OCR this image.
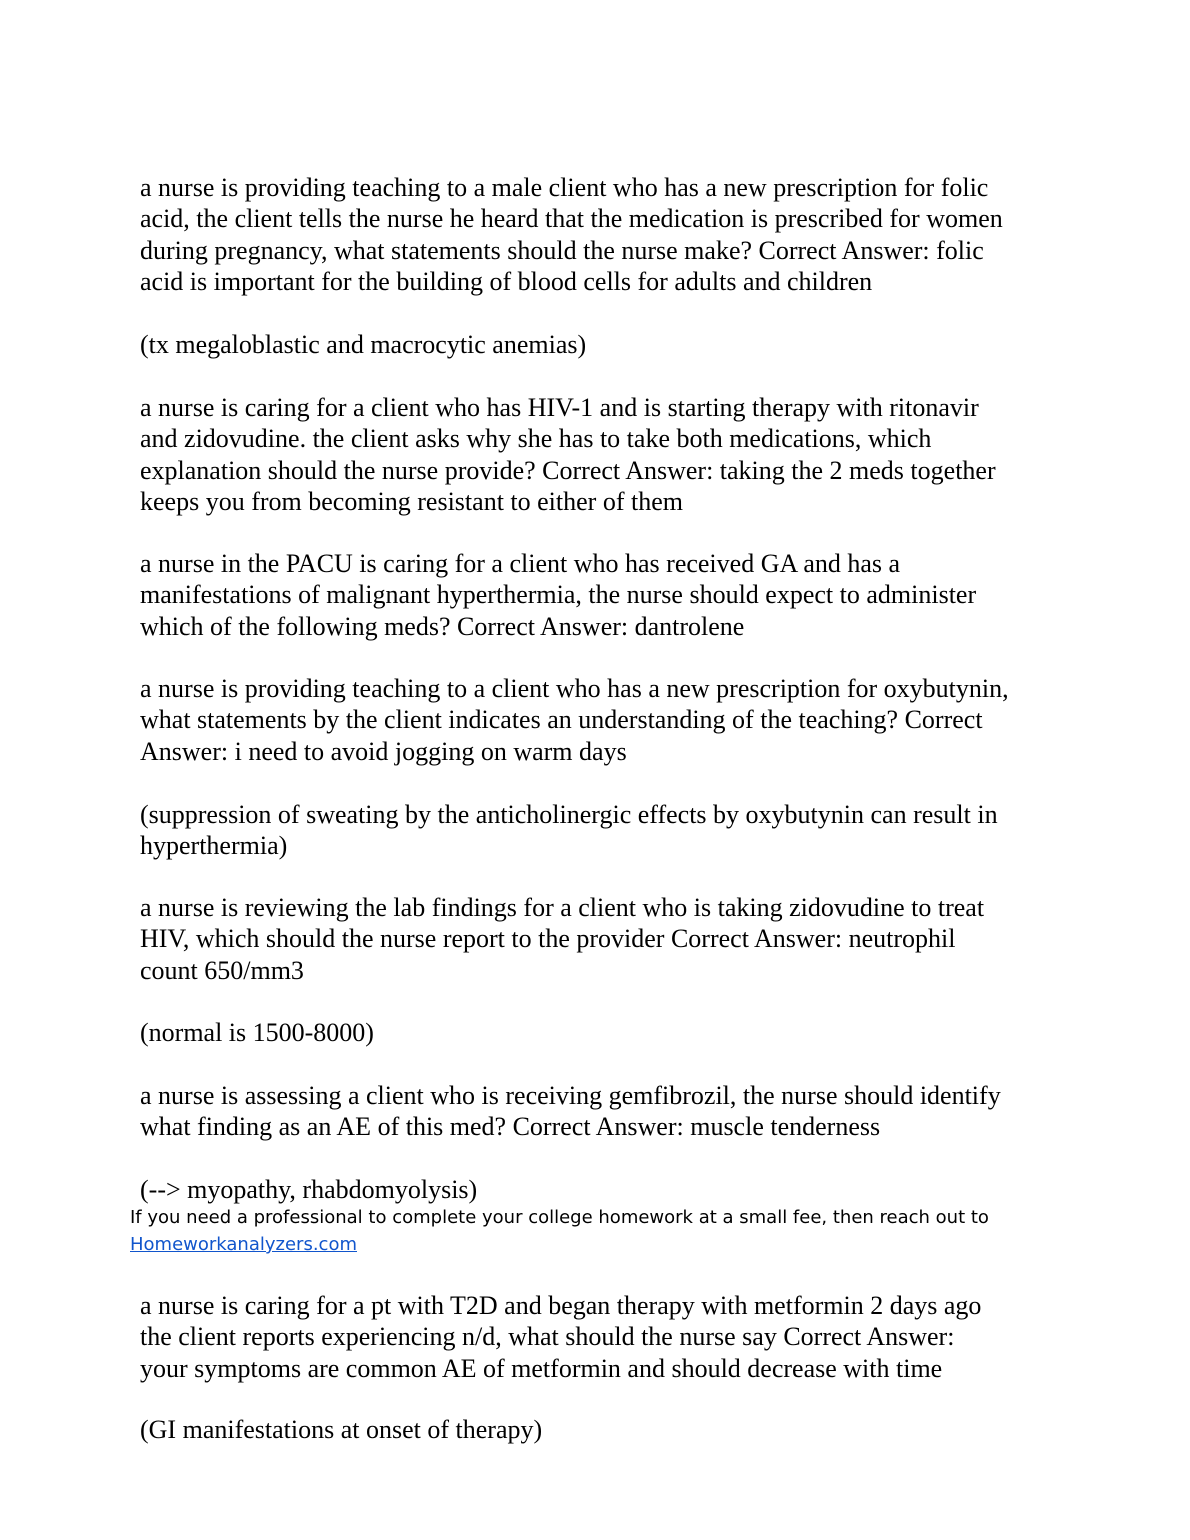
a nurse is providing teaching to a male client who has a new prescription for folic
acid, the client tells the nurse he heard that the medication is prescribed for women
during pregnancy, what statements should the nurse make? Correct Answer: folic
acid is important for the building of blood cells for adults and children

(tx megaloblastic and macrocytic anemias)

a nurse is caring for a client who has HIV-1 and is starting therapy with ritonavir
and zidovudine. the client asks why she has to take both medications, which
explanation should the nurse provide? Correct Answer: taking the 2 meds together
keeps you from becoming resistant to either of them

a nurse in the PACU is caring for a client who has received GA and has a
manifestations of malignant hyperthermia, the nurse should expect to administer
which of the following meds? Correct Answer: dantrolene

a nurse is providing teaching to a client who has a new prescription for oxybutynin,
what statements by the client indicates an understanding of the teaching? Correct
Answer: i need to avoid jogging on warm days

(suppression of sweating by the anticholinergic effects by oxybutynin can result in
hyperthermia)

a nurse is reviewing the lab findings for a client who is taking zidovudine to treat
HIV, which should the nurse report to the provider Correct Answer: neutrophil
count 650/mm3

(normal is 1500-8000)

a nurse is assessing a client who is receiving gemfibrozil, the nurse should identify
what finding as an AE of this med? Correct Answer: muscle tenderness

(--> myopathy, rhabdomyolysis)

If you need a professional to complete your college homework at a small fee, then reach out to
Homeworkanalyzers.com

a nurse is caring for a pt with T2D and began therapy with metformin 2 days ago
the client reports experiencing n/d, what should the nurse say Correct Answer:
your symptoms are common AE of metformin and should decrease with time

(GI manifestations at onset of therapy)
